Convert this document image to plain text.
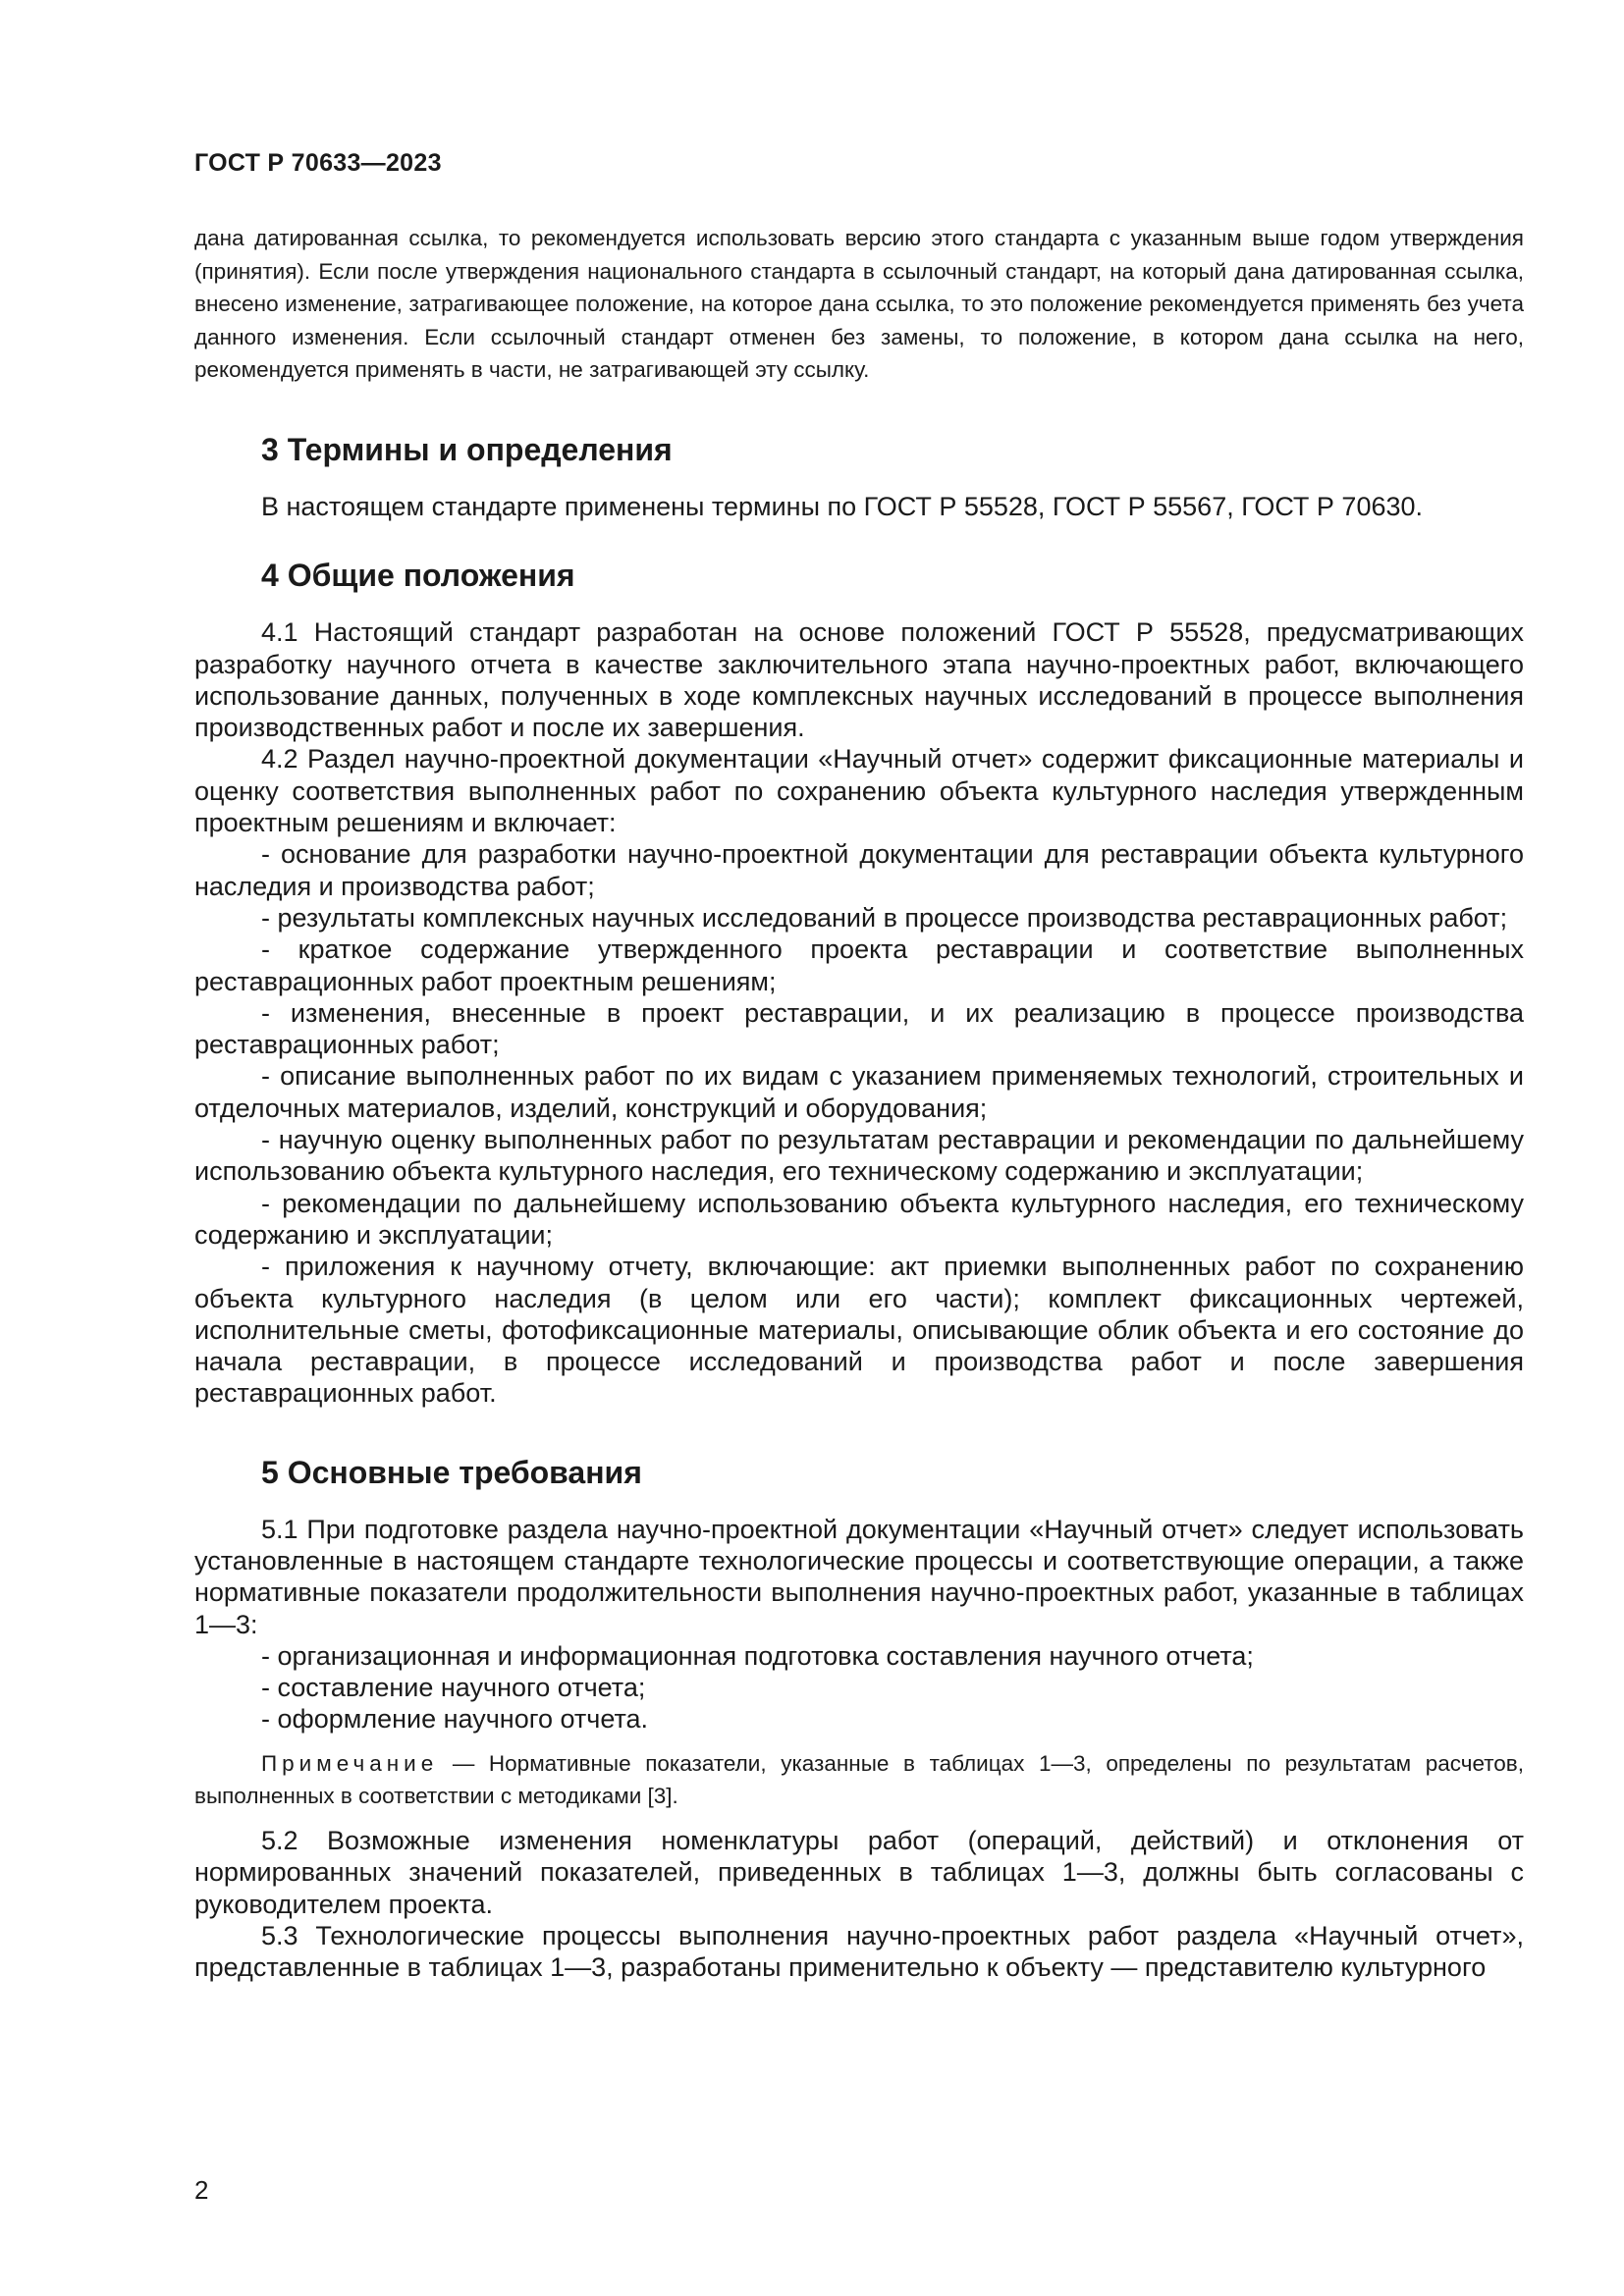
ГОСТ Р 70633—2023

дана датированная ссылка, то рекомендуется использовать версию этого стандарта с указанным выше годом утверждения (принятия). Если после утверждения национального стандарта в ссылочный стандарт, на который дана датированная ссылка, внесено изменение, затрагивающее положение, на которое дана ссылка, то это положение рекомендуется применять без учета данного изменения. Если ссылочный стандарт отменен без замены, то положение, в котором дана ссылка на него, рекомендуется применять в части, не затрагивающей эту ссылку.

3 Термины и определения

В настоящем стандарте применены термины по ГОСТ Р 55528, ГОСТ Р 55567, ГОСТ Р 70630.

4 Общие положения

4.1 Настоящий стандарт разработан на основе положений ГОСТ Р 55528, предусматривающих разработку научного отчета в качестве заключительного этапа научно-проектных работ, включающего использование данных, полученных в ходе комплексных научных исследований в процессе выполнения производственных работ и после их завершения.

4.2 Раздел научно-проектной документации «Научный отчет» содержит фиксационные материалы и оценку соответствия выполненных работ по сохранению объекта культурного наследия утвержденным проектным решениям и включает:

- основание для разработки научно-проектной документации для реставрации объекта культурного наследия и производства работ;

- результаты комплексных научных исследований в процессе производства реставрационных работ;

- краткое содержание утвержденного проекта реставрации и соответствие выполненных реставрационных работ проектным решениям;

- изменения, внесенные в проект реставрации, и их реализацию в процессе производства реставрационных работ;

- описание выполненных работ по их видам с указанием применяемых технологий, строительных и отделочных материалов, изделий, конструкций и оборудования;

- научную оценку выполненных работ по результатам реставрации и рекомендации по дальнейшему использованию объекта культурного наследия, его техническому содержанию и эксплуатации;

- рекомендации по дальнейшему использованию объекта культурного наследия, его техническому содержанию и эксплуатации;

- приложения к научному отчету, включающие: акт приемки выполненных работ по сохранению объекта культурного наследия (в целом или его части); комплект фиксационных чертежей, исполнительные сметы, фотофиксационные материалы, описывающие облик объекта и его состояние до начала реставрации, в процессе исследований и производства работ и после завершения реставрационных работ.

5 Основные требования

5.1 При подготовке раздела научно-проектной документации «Научный отчет» следует использовать установленные в настоящем стандарте технологические процессы и соответствующие операции, а также нормативные показатели продолжительности выполнения научно-проектных работ, указанные в таблицах 1—3:

- организационная и информационная подготовка составления научного отчета;

- составление научного отчета;

- оформление научного отчета.

Примечание — Нормативные показатели, указанные в таблицах 1—3, определены по результатам расчетов, выполненных в соответствии с методиками [3].

5.2 Возможные изменения номенклатуры работ (операций, действий) и отклонения от нормированных значений показателей, приведенных в таблицах 1—3, должны быть согласованы с руководителем проекта.

5.3 Технологические процессы выполнения научно-проектных работ раздела «Научный отчет», представленные в таблицах 1—3, разработаны применительно к объекту — представителю культурного

2
